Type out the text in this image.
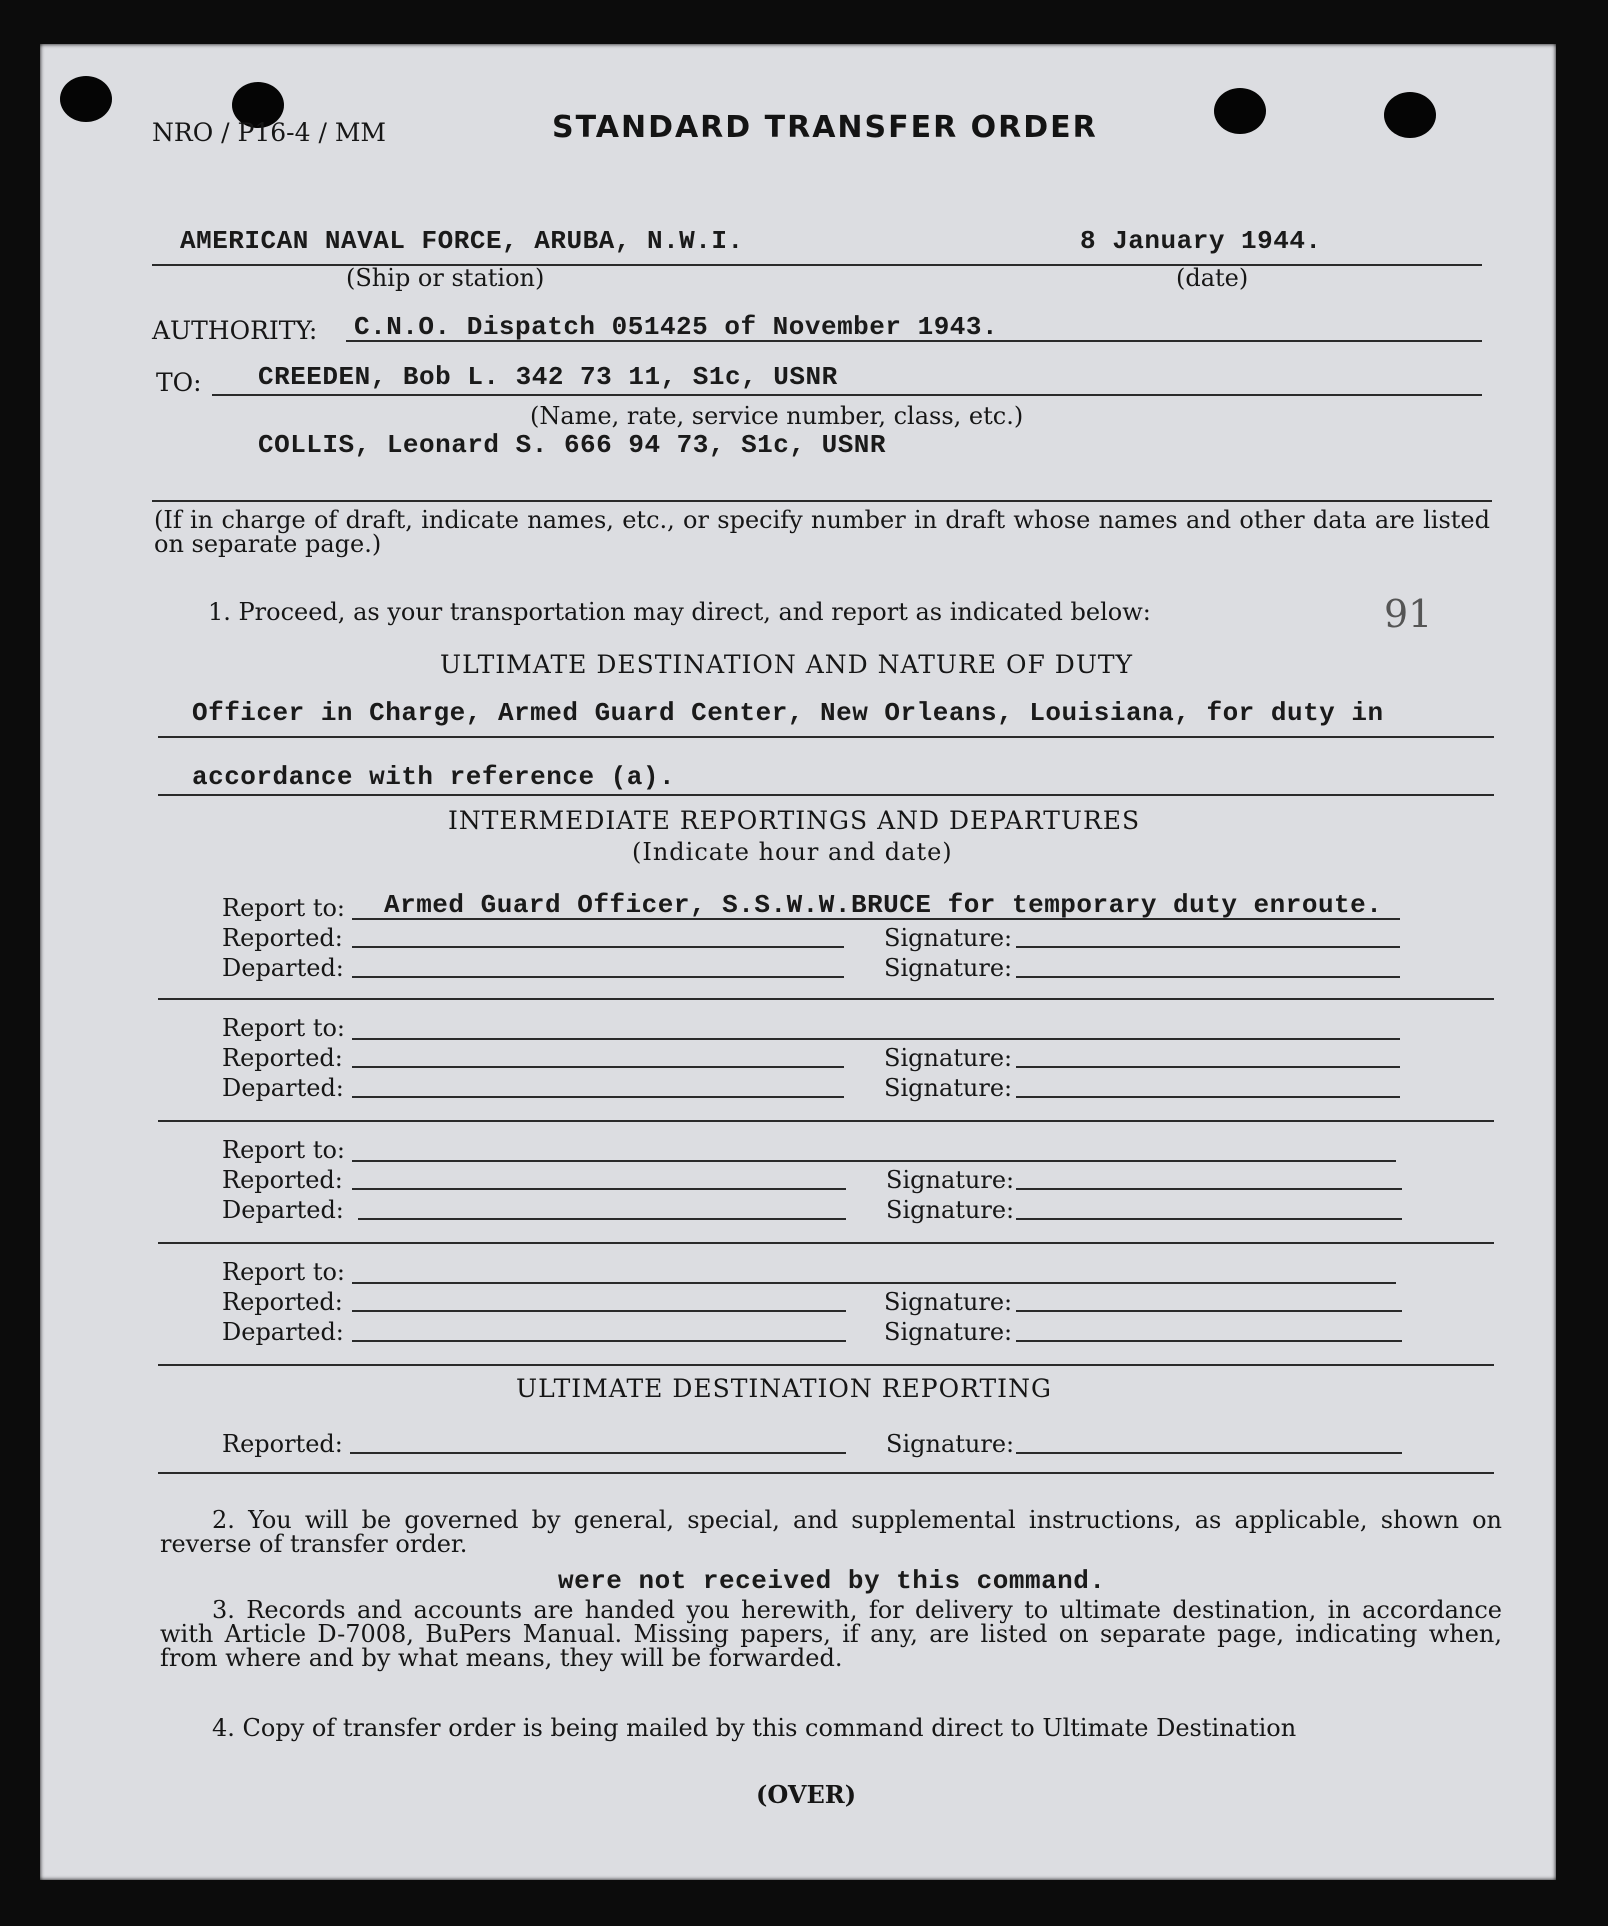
NRO / P16-4 / MM	STANDARD TRANSFER ORDER
AMERICAN NAVAL FORCE, ARUBA, N.W.I.	8 January 1944.
(Ship or station)	(date)
AUTHORITY: C.N.O. Dispatch 051425 of November 1943.
TO: CREEDEN, Bob L. 342 73 11, S1c, USNR
(Name, rate, service number, class, etc.)
COLLIS, Leonard S. 666 94 73, S1c, USNR
(If in charge of draft, indicate names, etc., or specify number in draft whose names and other data are listed on separate page.)
1. Proceed, as your transportation may direct, and report as indicated below:	91
ULTIMATE DESTINATION AND NATURE OF DUTY
Officer in Charge, Armed Guard Center, New Orleans, Louisiana, for duty in
accordance with reference (a).
INTERMEDIATE REPORTINGS AND DEPARTURES
(Indicate hour and date)
Report to: Armed Guard Officer, S.S.W.W.BRUCE for temporary duty enroute.
Reported:	Signature:
Departed:	Signature:
Report to:
Reported:	Signature:
Departed:	Signature:
Report to:
Reported:	Signature:
Departed:	Signature:
Report to:
Reported:	Signature:
Departed:	Signature:
ULTIMATE DESTINATION REPORTING
Reported:	Signature:
2. You will be governed by general, special, and supplemental instructions, as applicable, shown on reverse of transfer order.
were not received by this command.
3. Records and accounts are handed you herewith, for delivery to ultimate destination, in accordance with Article D-7008, BuPers Manual. Missing papers, if any, are listed on separate page, indicating when, from where and by what means, they will be forwarded.
4. Copy of transfer order is being mailed by this command direct to Ultimate Destination
(OVER)
